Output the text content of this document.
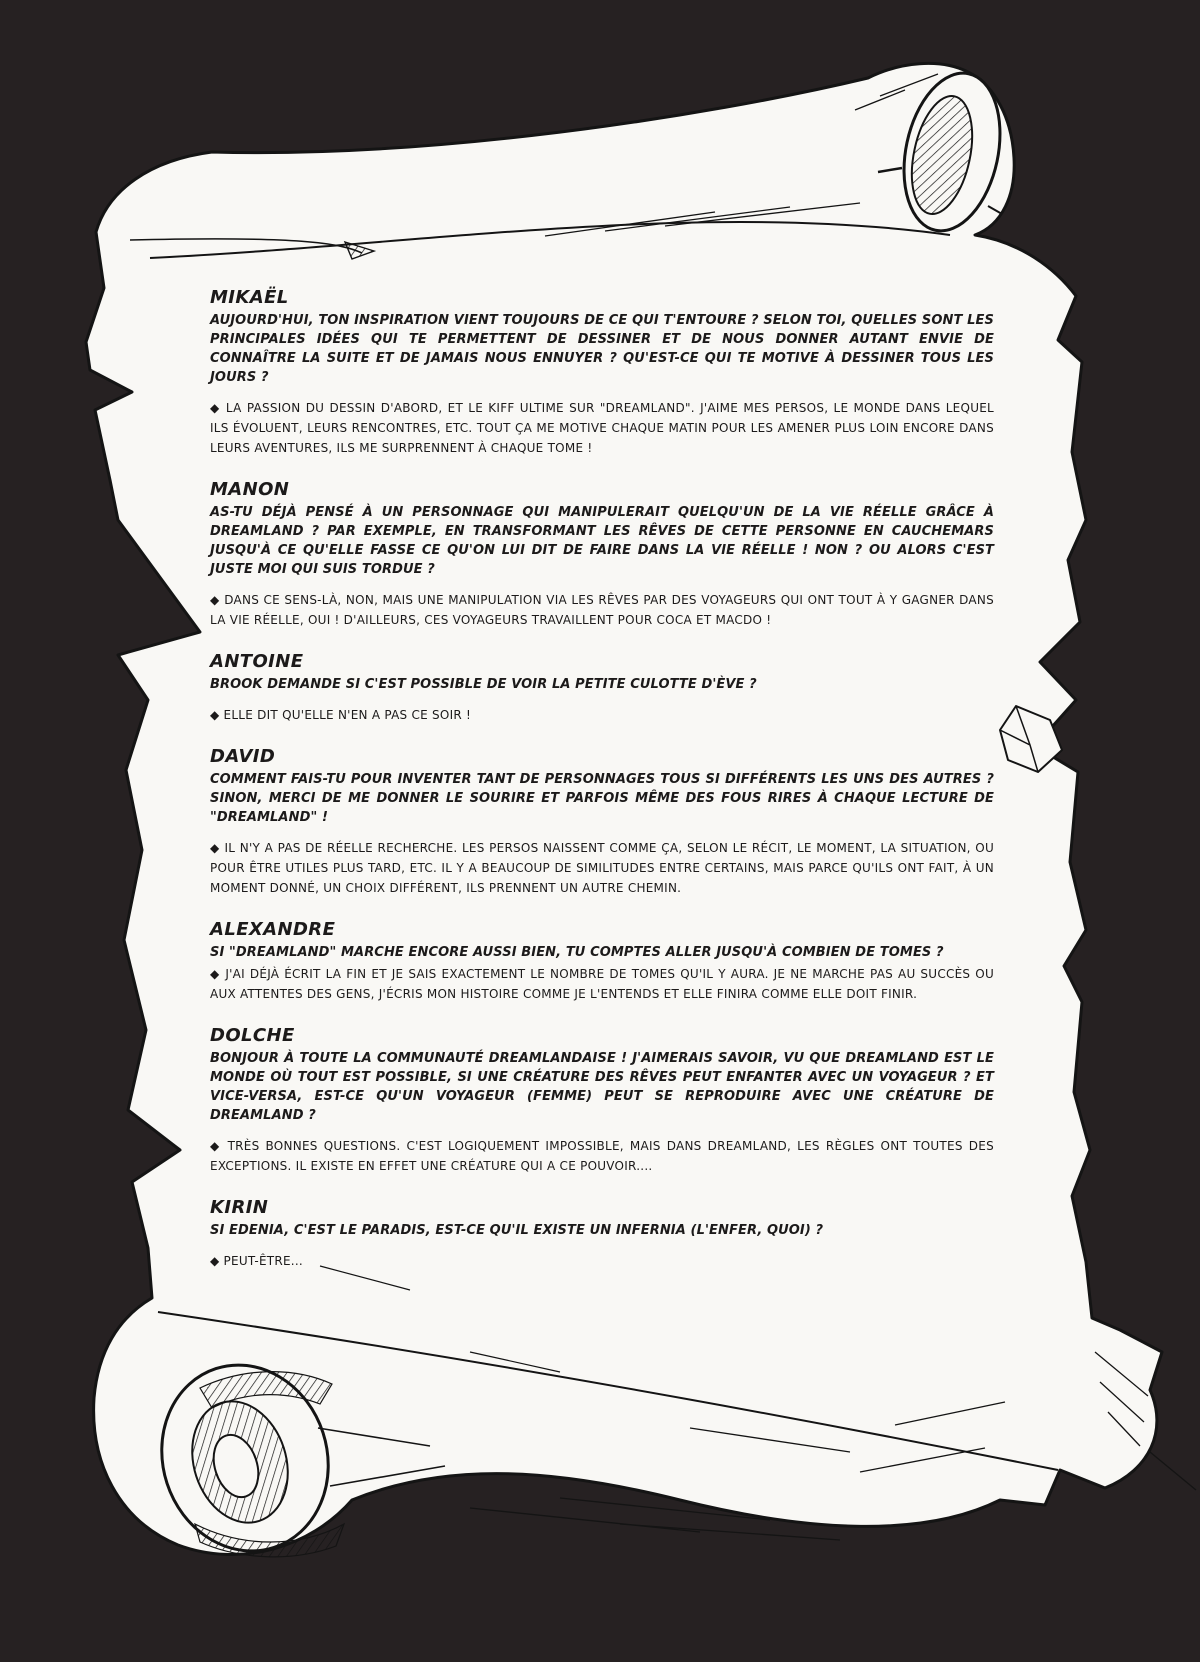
MIKAËL

AUJOURD'HUI, TON INSPIRATION VIENT TOUJOURS DE CE QUI T'ENTOURE ? SELON TOI, QUELLES SONT LES PRINCIPALES IDÉES QUI TE PERMETTENT DE DESSINER ET DE NOUS DONNER AUTANT ENVIE DE CONNAÎTRE LA SUITE ET DE JAMAIS NOUS ENNUYER ? QU'EST-CE QUI TE MOTIVE À DESSINER TOUS LES JOURS ?

◆ LA PASSION DU DESSIN D'ABORD, ET LE KIFF ULTIME SUR "DREAMLAND". J'AIME MES PERSOS, LE MONDE DANS LEQUEL ILS ÉVOLUENT, LEURS RENCONTRES, ETC. TOUT ÇA ME MOTIVE CHAQUE MATIN POUR LES AMENER PLUS LOIN ENCORE DANS LEURS AVENTURES, ILS ME SURPRENNENT À CHAQUE TOME !

MANON

AS-TU DÉJÀ PENSÉ À UN PERSONNAGE QUI MANIPULERAIT QUELQU'UN DE LA VIE RÉELLE GRÂCE À DREAMLAND ? PAR EXEMPLE, EN TRANSFORMANT LES RÊVES DE CETTE PERSONNE EN CAUCHEMARS JUSQU'À CE QU'ELLE FASSE CE QU'ON LUI DIT DE FAIRE DANS LA VIE RÉELLE ! NON ? OU ALORS C'EST JUSTE MOI QUI SUIS TORDUE ?

◆ DANS CE SENS-LÀ, NON, MAIS UNE MANIPULATION VIA LES RÊVES PAR DES VOYAGEURS QUI ONT TOUT À Y GAGNER DANS LA VIE RÉELLE, OUI ! D'AILLEURS, CES VOYAGEURS TRAVAILLENT POUR COCA ET MACDO !

ANTOINE

BROOK DEMANDE SI C'EST POSSIBLE DE VOIR LA PETITE CULOTTE D'ÈVE ?

◆ ELLE DIT QU'ELLE N'EN A PAS CE SOIR !

DAVID

COMMENT FAIS-TU POUR INVENTER TANT DE PERSONNAGES TOUS SI DIFFÉRENTS LES UNS DES AUTRES ? SINON, MERCI DE ME DONNER LE SOURIRE ET PARFOIS MÊME DES FOUS RIRES À CHAQUE LECTURE DE "DREAMLAND" !

◆ IL N'Y A PAS DE RÉELLE RECHERCHE. LES PERSOS NAISSENT COMME ÇA, SELON LE RÉCIT, LE MOMENT, LA SITUATION, OU POUR ÊTRE UTILES PLUS TARD, ETC. IL Y A BEAUCOUP DE SIMILITUDES ENTRE CERTAINS, MAIS PARCE QU'ILS ONT FAIT, À UN MOMENT DONNÉ, UN CHOIX DIFFÉRENT, ILS PRENNENT UN AUTRE CHEMIN.

ALEXANDRE

SI "DREAMLAND" MARCHE ENCORE AUSSI BIEN, TU COMPTES ALLER JUSQU'À COMBIEN DE TOMES ?

◆ J'AI DÉJÀ ÉCRIT LA FIN ET JE SAIS EXACTEMENT LE NOMBRE DE TOMES QU'IL Y AURA. JE NE MARCHE PAS AU SUCCÈS OU AUX ATTENTES DES GENS, J'ÉCRIS MON HISTOIRE COMME JE L'ENTENDS ET ELLE FINIRA COMME ELLE DOIT FINIR.

DOLCHE

BONJOUR À TOUTE LA COMMUNAUTÉ DREAMLANDAISE ! J'AIMERAIS SAVOIR, VU QUE DREAMLAND EST LE MONDE OÙ TOUT EST POSSIBLE, SI UNE CRÉATURE DES RÊVES PEUT ENFANTER AVEC UN VOYAGEUR ? ET VICE-VERSA, EST-CE QU'UN VOYAGEUR (FEMME) PEUT SE REPRODUIRE AVEC UNE CRÉATURE DE DREAMLAND ?

◆ TRÈS BONNES QUESTIONS. C'EST LOGIQUEMENT IMPOSSIBLE, MAIS DANS DREAMLAND, LES RÈGLES ONT TOUTES DES EXCEPTIONS. IL EXISTE EN EFFET UNE CRÉATURE QUI A CE POUVOIR....

KIRIN

SI EDENIA, C'EST LE PARADIS, EST-CE QU'IL EXISTE UN INFERNIA (L'ENFER, QUOI) ?

◆ PEUT-ÊTRE...
